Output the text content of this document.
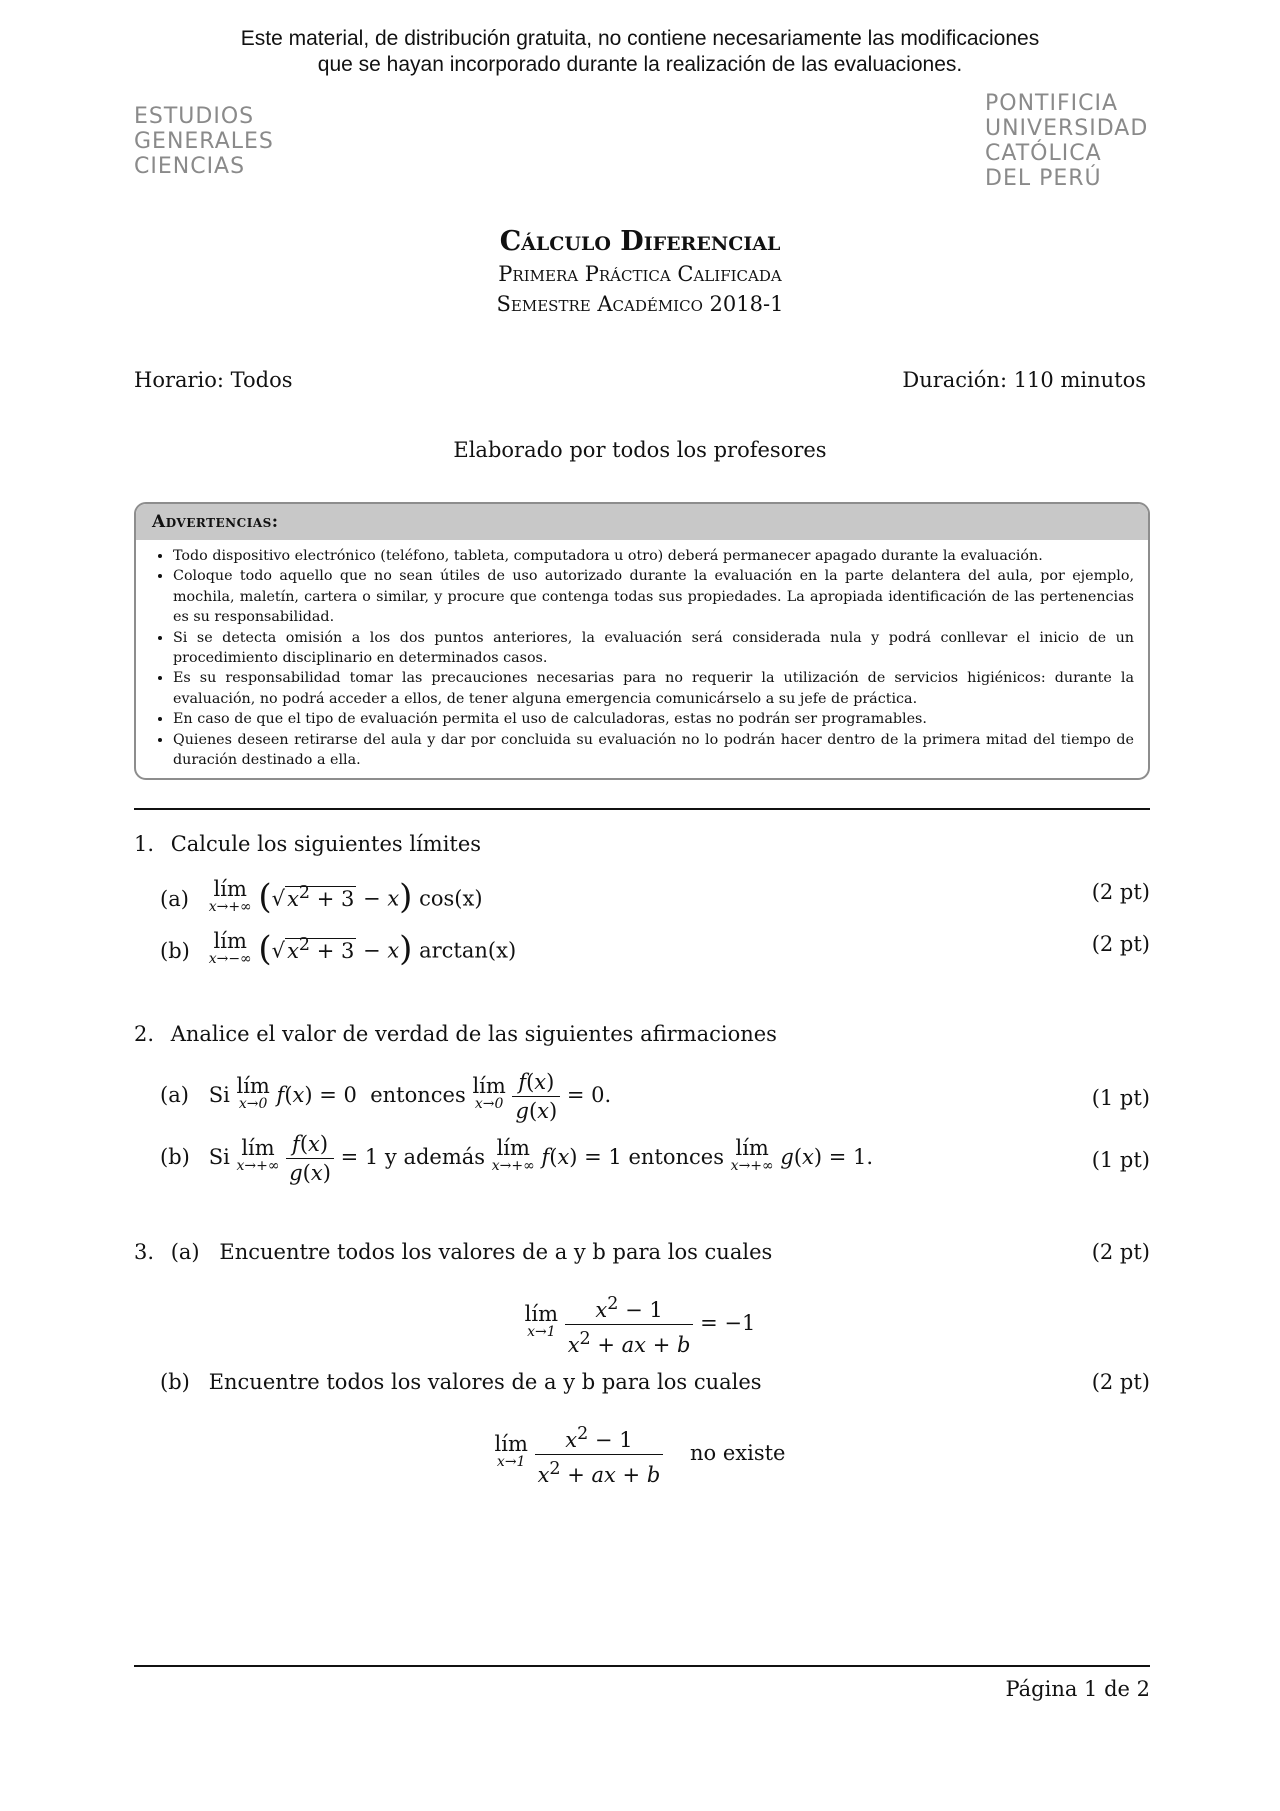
Este material, de distribución gratuita, no contiene necesariamente las modificaciones
que se hayan incorporado durante la realización de las evaluaciones.
ESTUDIOS
GENERALES
CIENCIAS
PONTIFICIA
UNIVERSIDAD
CATÓLICA
DEL PERÚ
Cálculo Diferencial
Primera Práctica Calificada
Semestre Académico 2018-1
Horario: Todos	Duración: 110 minutos
Elaborado por todos los profesores
Advertencias:
• Todo dispositivo electrónico (teléfono, tableta, computadora u otro) deberá permanecer apagado durante la evaluación.
• Coloque todo aquello que no sean útiles de uso autorizado durante la evaluación en la parte delantera del aula, por ejemplo, mochila, maletín, cartera o similar, y procure que contenga todas sus propiedades. La apropiada identificación de las pertenencias es su responsabilidad.
• Si se detecta omisión a los dos puntos anteriores, la evaluación será considerada nula y podrá conllevar el inicio de un procedimiento disciplinario en determinados casos.
• Es su responsabilidad tomar las precauciones necesarias para no requerir la utilización de servicios higiénicos: durante la evaluación, no podrá acceder a ellos, de tener alguna emergencia comunicárselo a su jefe de práctica.
• En caso de que el tipo de evaluación permita el uso de calculadoras, estas no podrán ser programables.
• Quienes deseen retirarse del aula y dar por concluida su evaluación no lo podrán hacer dentro de la primera mitad del tiempo de duración destinado a ella.
1. Calcule los siguientes límites
(a) lím
x→+∞ $(√x^2 + 3 - x)$ cos(x)	(2 pt)
(b) lím
x→−∞ $(√x^2 + 3 - x)$ arctan(x)	(2 pt)
2. Analice el valor de verdad de las siguientes afirmaciones
(a) Si lím
x→0 f(x) = 0  entonces lím
x→0
$\frac{f(x)}{g(x)} = 0$.	(1 pt)
(b) Si lím
x→+∞
$\frac{f(x)}{g(x)} = 1$ y además lím
x→+∞ f(x) = 1 entonces lím
x→+∞ g(x) = 1.	(1 pt)
3. (a) Encuentre todos los valores de a y b para los cuales	(2 pt)
lím
x→1
$\frac{x^2 - 1}{x^2 + ax + b} = -1$
(b) Encuentre todos los valores de a y b para los cuales	(2 pt)
lím
x→1
$\frac{x^2 - 1}{x^2 + ax + b}$ no existe
Página 1 de 2
